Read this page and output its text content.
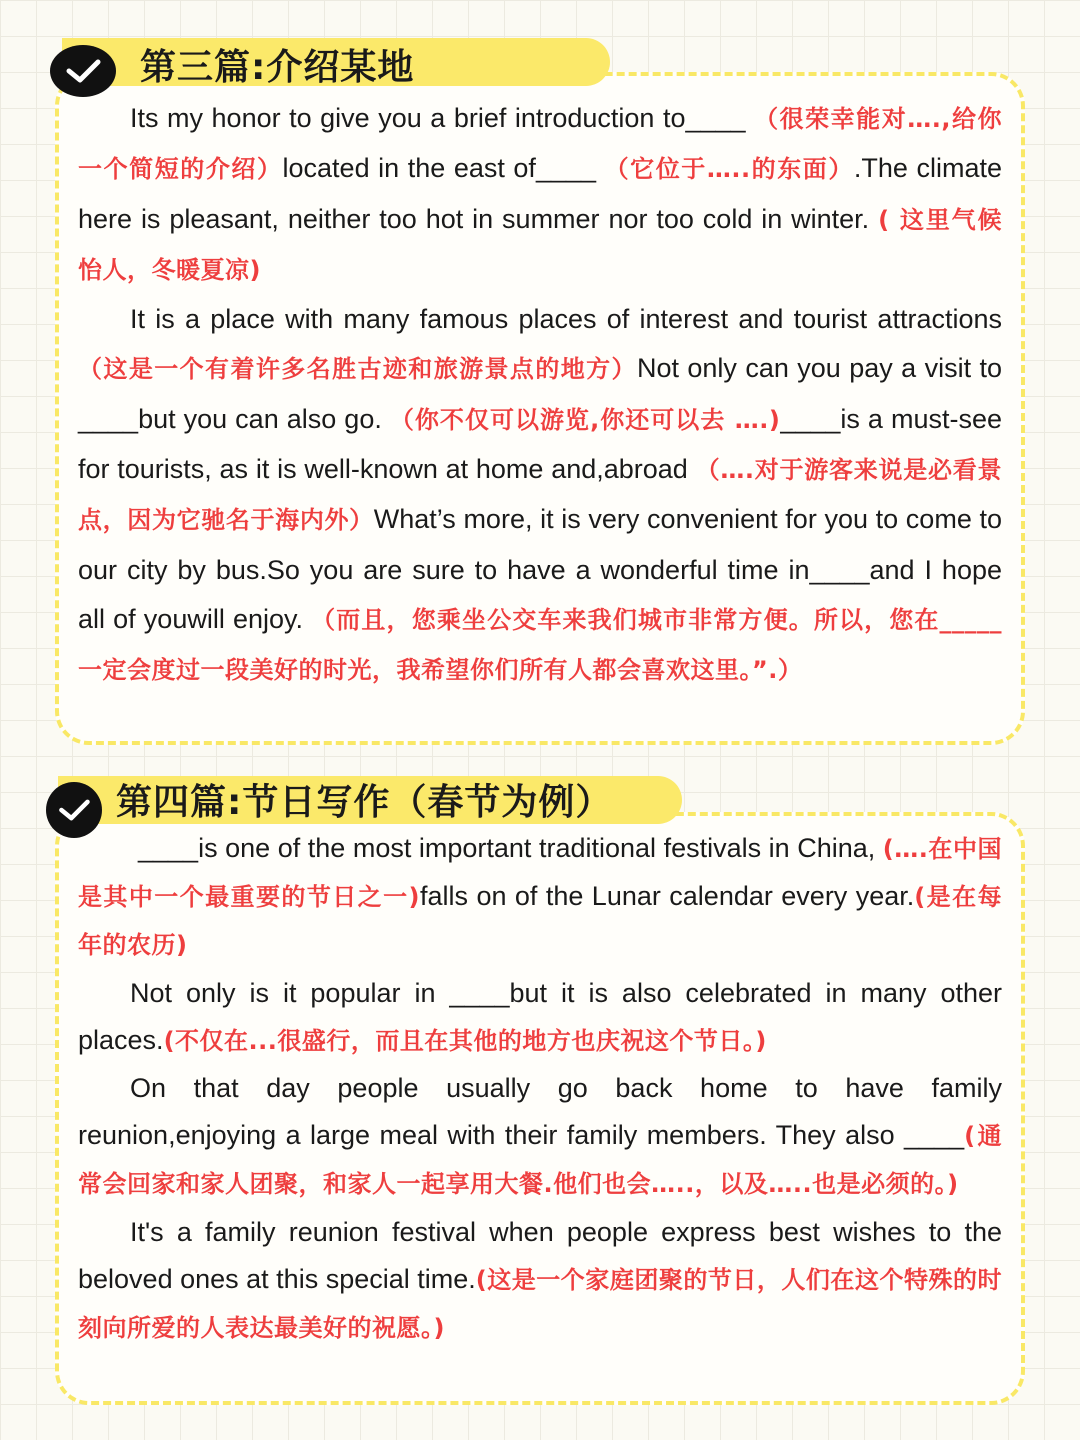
第三篇:介绍某地

Its my honor to give you a brief introduction to____ （很荣幸能对….,给你一个简短的介绍）located in the east of____ （它位于…..的东面）.The climate here is pleasant, neither too hot in summer nor too cold in winter. ( 这里气候怡人，冬暖夏凉)

It is a place with many famous places of interest and tourist attractions （这是一个有着许多名胜古迹和旅游景点的地方）Not only can you pay a visit to ____but you can also go. （你不仅可以游览,你还可以去 ….)____is a must-see for tourists, as it is well-known at home and,abroad （….对于游客来说是必看景点，因为它驰名于海内外）What’s more, it is very convenient for you to come to our city by bus.So you are sure to have a wonderful time in____and I hope all of youwill enjoy. （而且，您乘坐公交车来我们城市非常方便。所以，您在_____一定会度过一段美好的时光，我希望你们所有人都会喜欢这里。”.）

第四篇:节日写作（春节为例）

____is one of the most important traditional festivals in China, (….在中国是其中一个最重要的节日之一)falls on of the Lunar calendar every year.(是在每年的农历)

Not only is it popular in ____but it is also celebrated in many other places.(不仅在...很盛行，而且在其他的地方也庆祝这个节日。)

On that day people usually go back home to have family reunion,enjoying a large meal with their family members. They also ____(通常会回家和家人团聚，和家人一起享用大餐.他们也会…..，以及…..也是必须的。)

It's a family reunion festival when people express best wishes to the beloved ones at this special time.(这是一个家庭团聚的节日，人们在这个特殊的时刻向所爱的人表达最美好的祝愿。)
